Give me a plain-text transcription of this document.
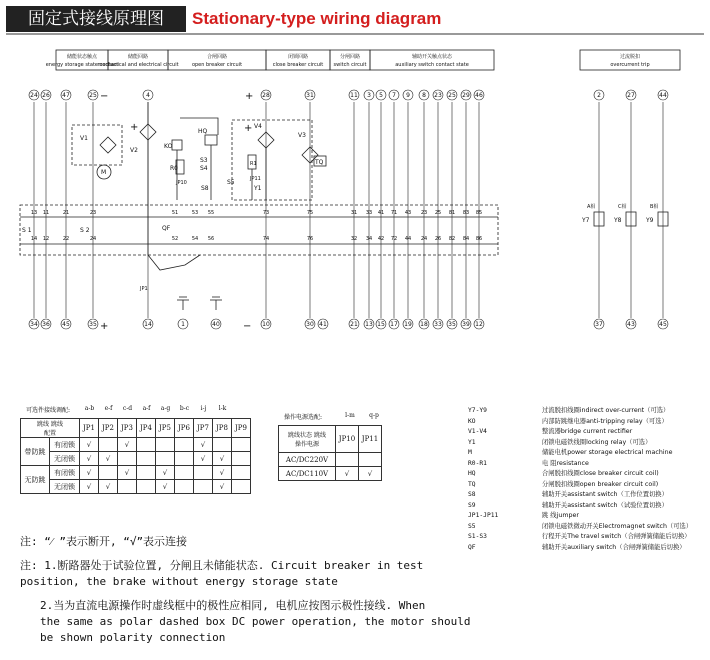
固定式接线原理图	Stationary-type wiring diagram
储能状态触点
energy storage state contact
储能回路
mechanical and electrical circuit
合闸回路
open breaker circuit
闭锁回路
close breaker circuit
分闸回路
switch circuit
辅助开关触点状态
auxiliary switch contact state
过流脱扣
overcurrent trip
24 26 47	25	4	28	31	11 3 5 7 9 8 23 25 29 46	2	27	44
34 36 45	35	14	1	40	10	30 41	21 13 15 17 19 18 33 35 39 12	37	43	45
−	+
+	−
+	+
V1
M
V2
KO
HQ
R0
JP10
S3
S4
S5
Y1
S8
R1
JP11
V4
V3
TQ
S 1	S 2	QF
JP1
A相	C相	B相
Y7	Y8	Y9
13 11	21	23
14 12	22	24
51	53 55	73	75	31 33 41 71 43 23 25 81 83 85
52	54 56	74	76	32 34 42 72 44 24 26 82 84 86
可选件接线调配:	a-b	e-f	c-d	a-f	a-g	b-c	i-j	l-k
跳线 跳线
配置		JP1	JP2	JP3	JP4	JP5	JP6	JP7	JP8	JP9
带防跳	有闭锁	√		√				√		
	无闭锁	√	√					√	√	
无防跳	有闭锁	√		√		√			√	
	无闭锁	√	√			√			√	
操作电源选配:	l-m	q-p
跳线状态 跳线
操作电源	JP10	JP11
AC/DC220V		
AC/DC110V	√	√
Y7-Y9	过流脱扣线圈indirect over-current（可选）
KO	内部防跳继电器anti-tripping relay（可选）
V1-V4	整流器bridge current rectifier
Y1	闭锁电磁铁线圈locking relay（可选）
M	储能电机power storage electrical machine
R0-R1	电 阻resistance
HQ	合闸脱扣线圈close breaker circuit coil)
TQ	分闸脱扣线圈open breaker circuit coil)
S8	辅助开关assistant switch（工作位置切换）
S9	辅助开关assistant switch（试验位置切换）
JP1-JP11	跳 线jumper
S5	闭锁电磁铁微动开关Electromagnet switch（可选）
S1-S3	行程开关The travel switch（合闸弹簧储能后切换）
QF	辅助开关auxiliary switch（合闸弹簧储能后切换）
注: “⁄ ”表示断开, “√”表示连接
注: 1.断路器处于试验位置, 分闸且未储能状态. Circuit breaker in test
position, the brake without energy storage state
2.当为直流电源操作时虚线框中的极性应相同, 电机应按图示极性接线. When
the same as polar dashed box DC power operation, the motor should
be shown polarity connection
